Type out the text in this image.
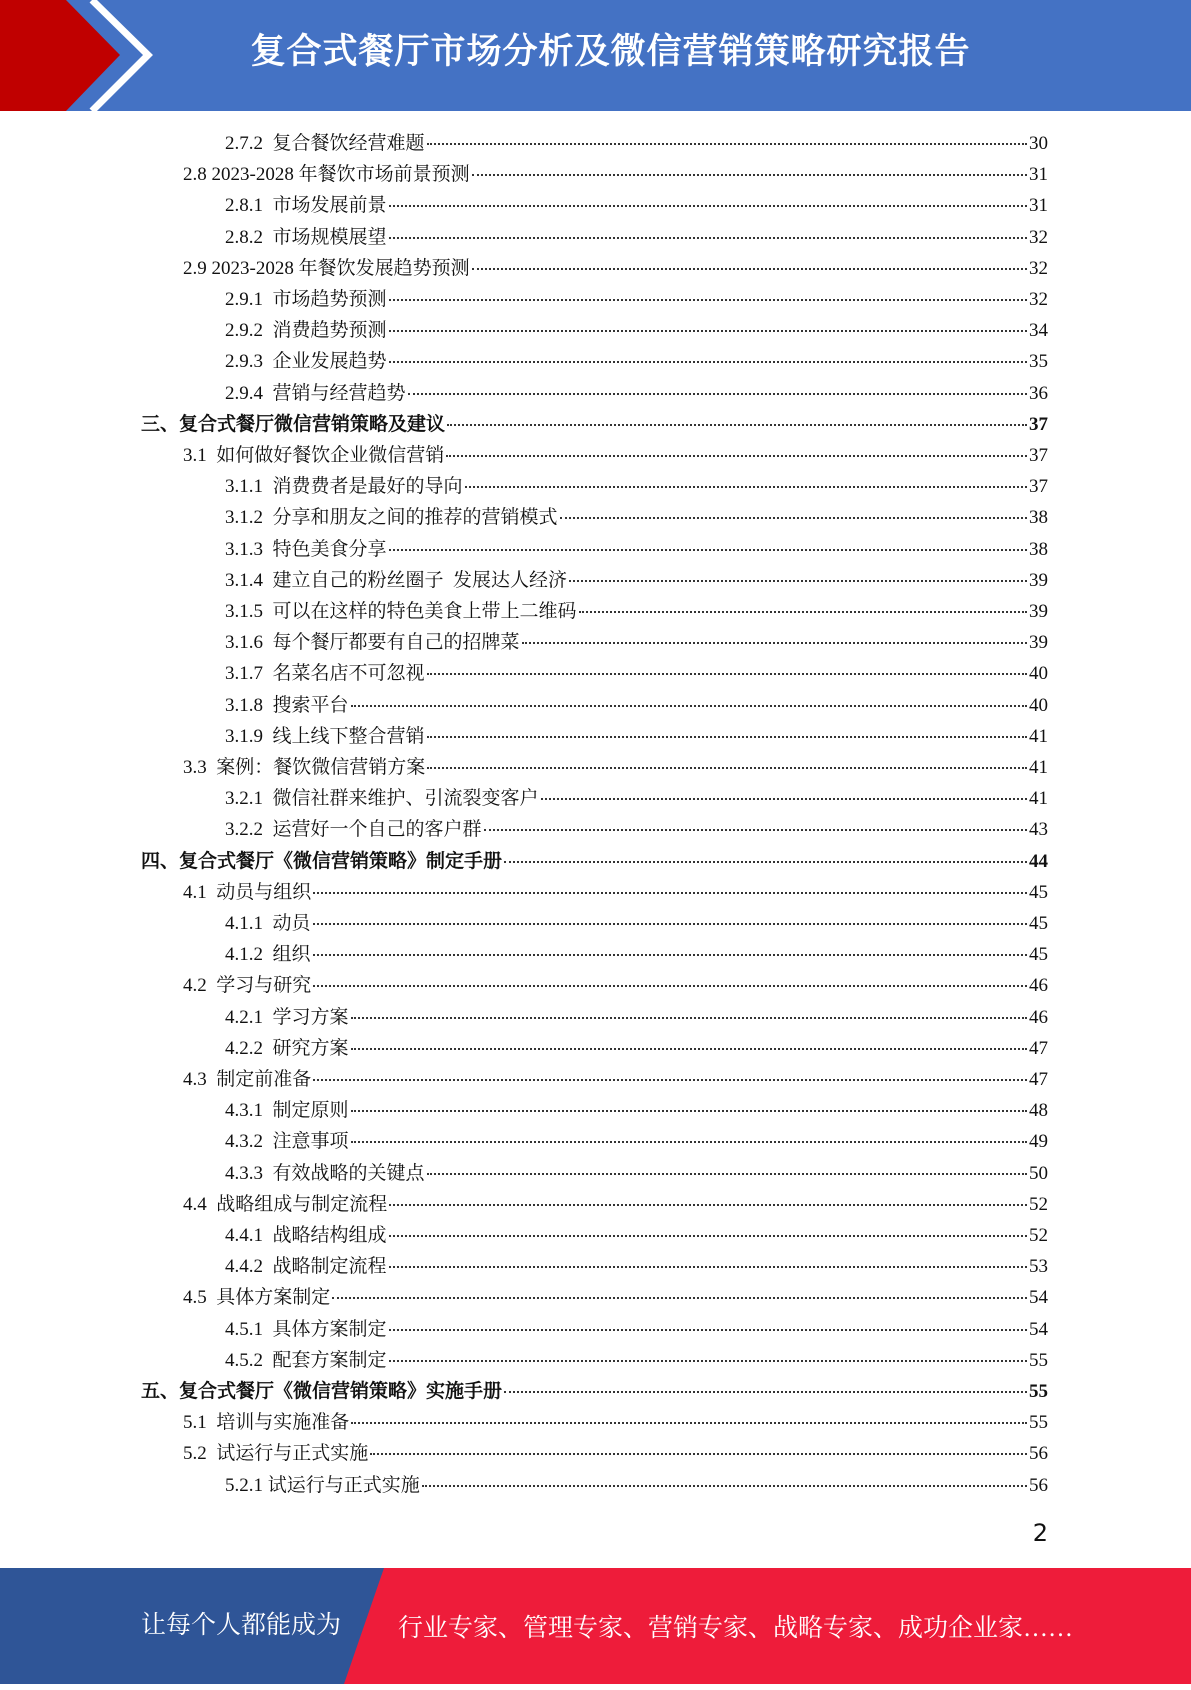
复合式餐厅市场分析及微信营销策略研究报告
2.7.2  复合餐饮经营难题	30
2.8 2023-2028 年餐饮市场前景预测	31
2.8.1  市场发展前景	31
2.8.2  市场规模展望	32
2.9 2023-2028 年餐饮发展趋势预测	32
2.9.1  市场趋势预测	32
2.9.2  消费趋势预测	34
2.9.3  企业发展趋势	35
2.9.4  营销与经营趋势	36
三、复合式餐厅微信营销策略及建议	37
3.1  如何做好餐饮企业微信营销	37
3.1.1  消费费者是最好的导向	37
3.1.2  分享和朋友之间的推荐的营销模式	38
3.1.3  特色美食分享	38
3.1.4  建立自己的粉丝圈子  发展达人经济	39
3.1.5  可以在这样的特色美食上带上二维码	39
3.1.6  每个餐厅都要有自己的招牌菜	39
3.1.7  名菜名店不可忽视	40
3.1.8  搜索平台	40
3.1.9  线上线下整合营销	41
3.3  案例：餐饮微信营销方案	41
3.2.1  微信社群来维护、引流裂变客户	41
3.2.2  运营好一个自己的客户群	43
四、复合式餐厅《微信营销策略》制定手册	44
4.1  动员与组织	45
4.1.1  动员	45
4.1.2  组织	45
4.2  学习与研究	46
4.2.1  学习方案	46
4.2.2  研究方案	47
4.3  制定前准备	47
4.3.1  制定原则	48
4.3.2  注意事项	49
4.3.3  有效战略的关键点	50
4.4  战略组成与制定流程	52
4.4.1  战略结构组成	52
4.4.2  战略制定流程	53
4.5  具体方案制定	54
4.5.1  具体方案制定	54
4.5.2  配套方案制定	55
五、复合式餐厅《微信营销策略》实施手册	55
5.1  培训与实施准备	55
5.2  试运行与正式实施	56
5.2.1 试运行与正式实施	56
2
让每个人都能成为 行业专家、管理专家、营销专家、战略专家、成功企业家……
